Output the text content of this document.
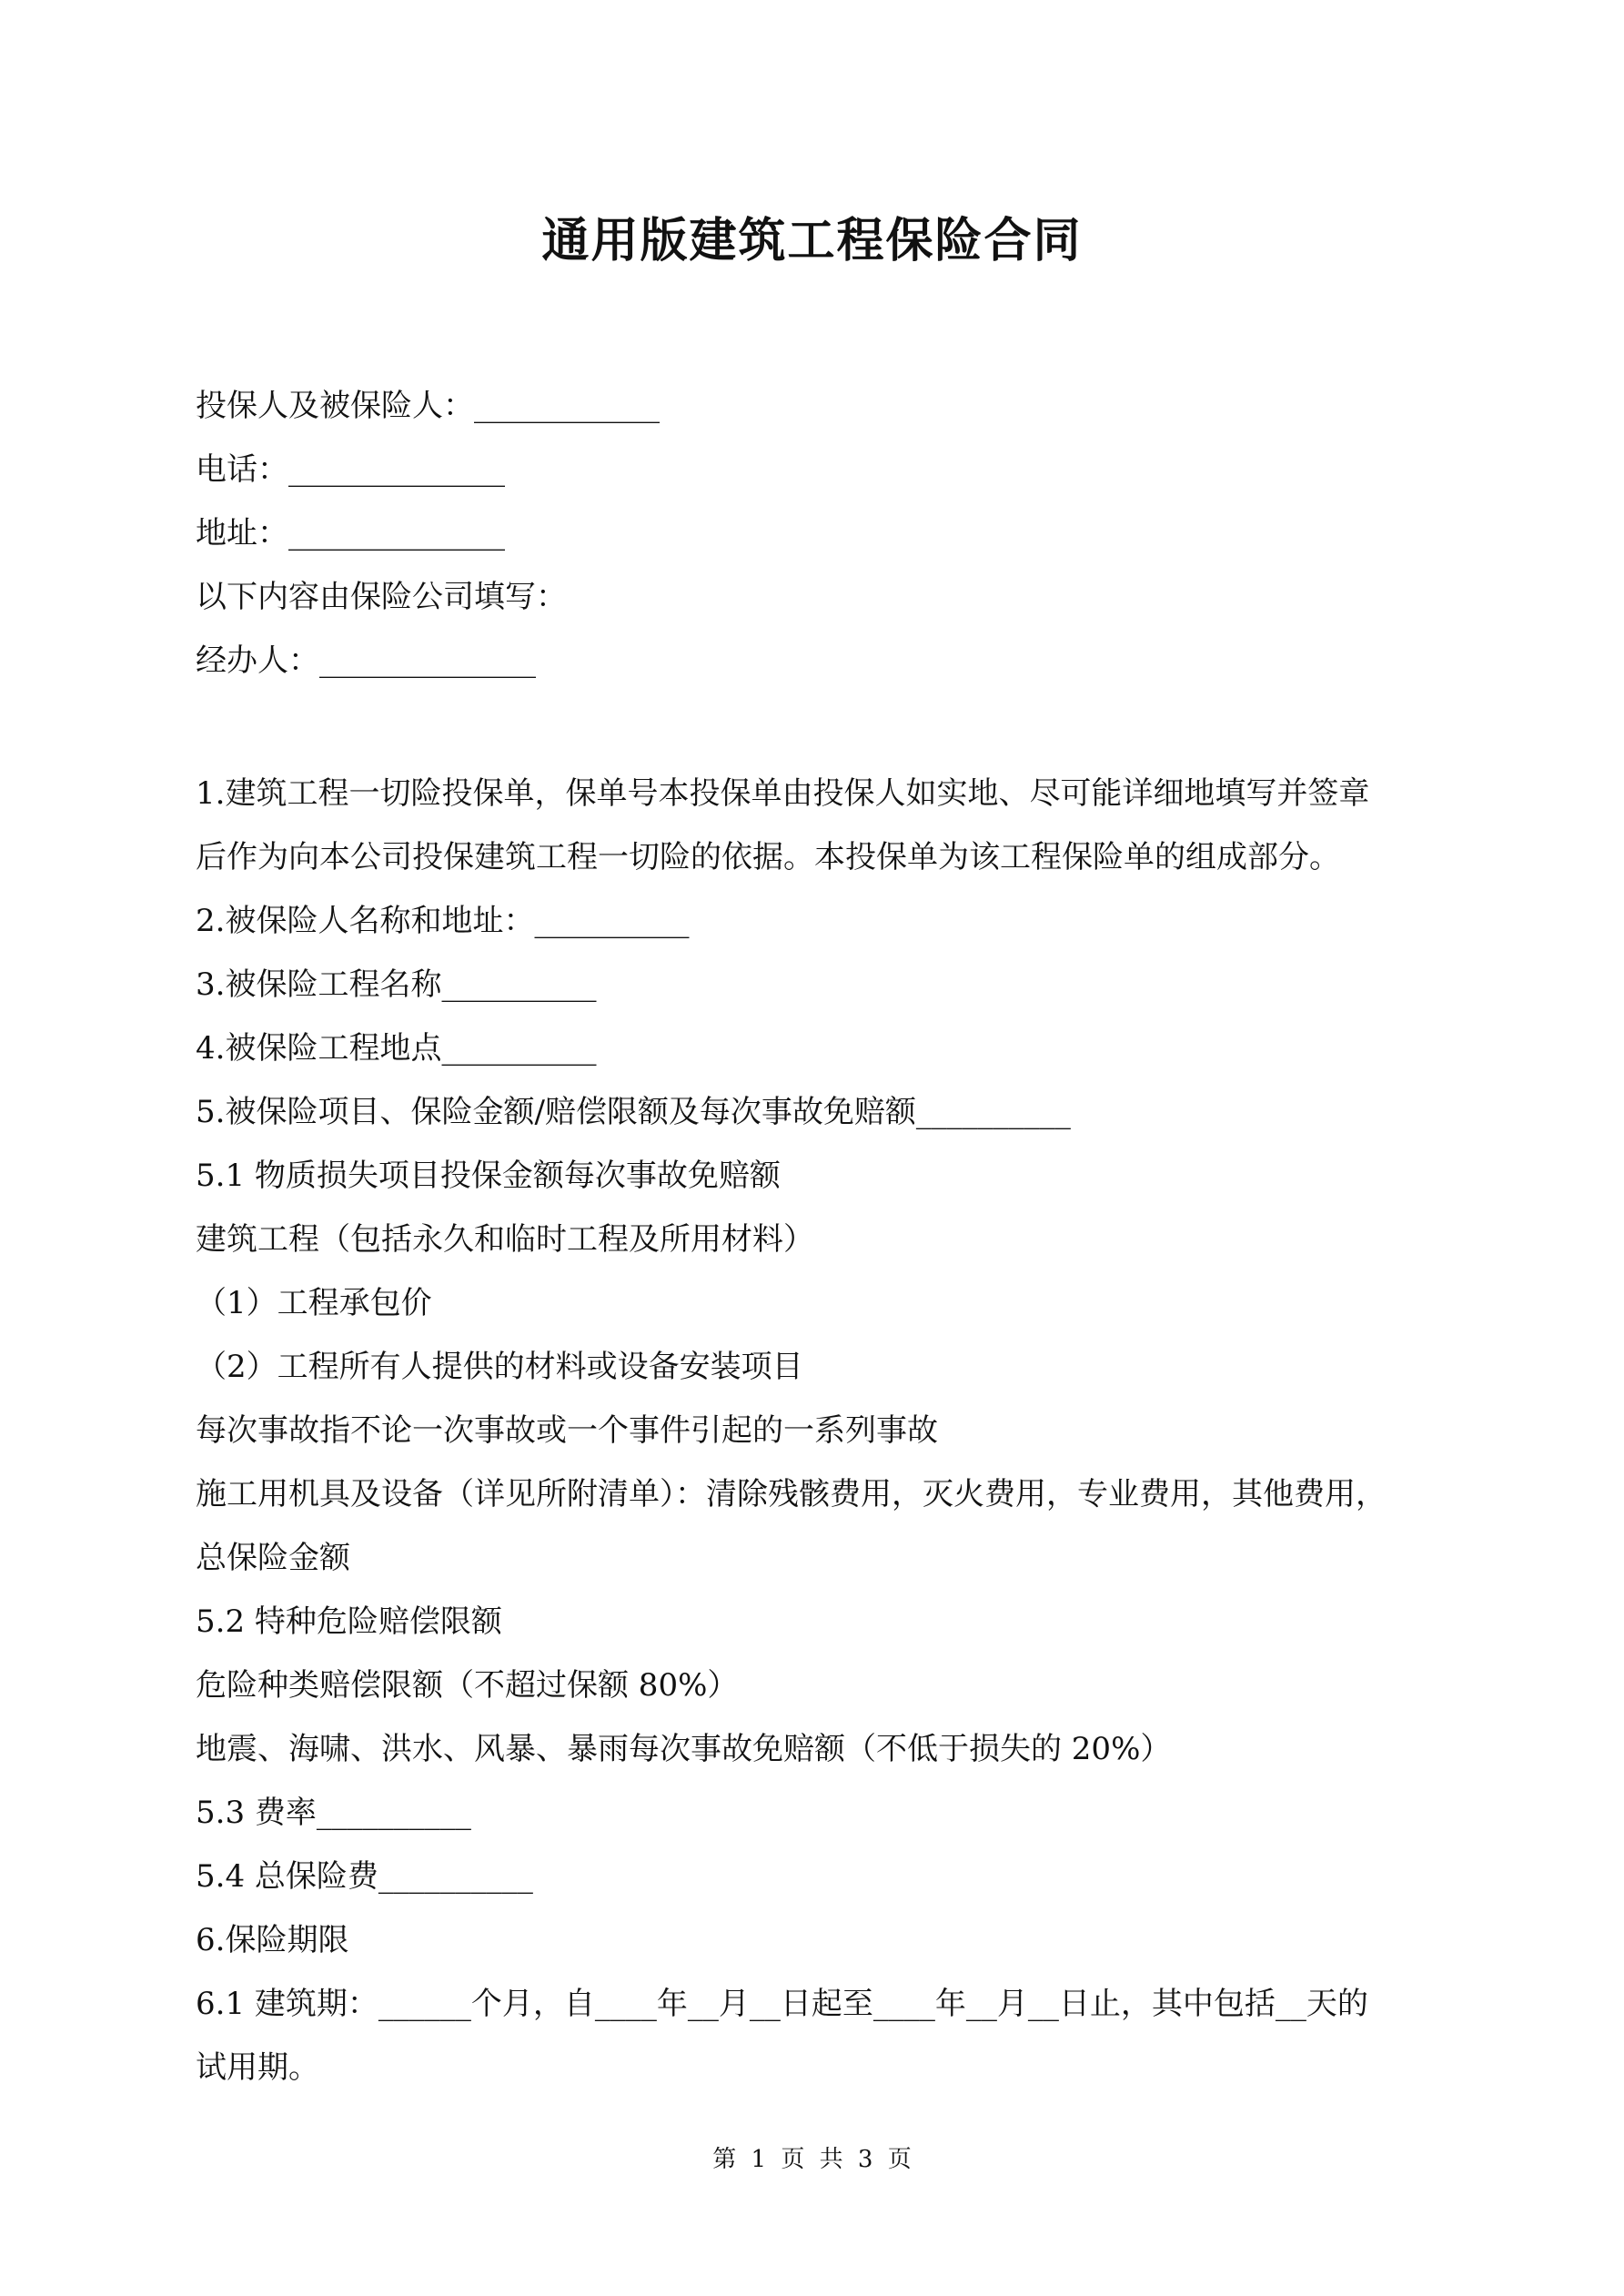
通用版建筑工程保险合同
投保人及被保险人：____________
电话：______________
地址：______________
以下内容由保险公司填写：
经办人：______________
1.建筑工程一切险投保单，保单号本投保单由投保人如实地、尽可能详细地填写并签章
后作为向本公司投保建筑工程一切险的依据。本投保单为该工程保险单的组成部分。
2.被保险人名称和地址：__________
3.被保险工程名称__________
4.被保险工程地点__________
5.被保险项目、保险金额/赔偿限额及每次事故免赔额__________
5.1 物质损失项目投保金额每次事故免赔额
建筑工程（包括永久和临时工程及所用材料）
（1）工程承包价
（2）工程所有人提供的材料或设备安装项目
每次事故指不论一次事故或一个事件引起的一系列事故
施工用机具及设备（详见所附清单）：清除残骸费用，灭火费用，专业费用，其他费用，
总保险金额
5.2 特种危险赔偿限额
危险种类赔偿限额（不超过保额 80%）
地震、海啸、洪水、风暴、暴雨每次事故免赔额（不低于损失的 20%）
5.3 费率__________
5.4 总保险费__________
6.保险期限
6.1 建筑期：______个月，自____年__月__日起至____年__月__日止，其中包括__天的
试用期。
第 1 页 共 3 页
